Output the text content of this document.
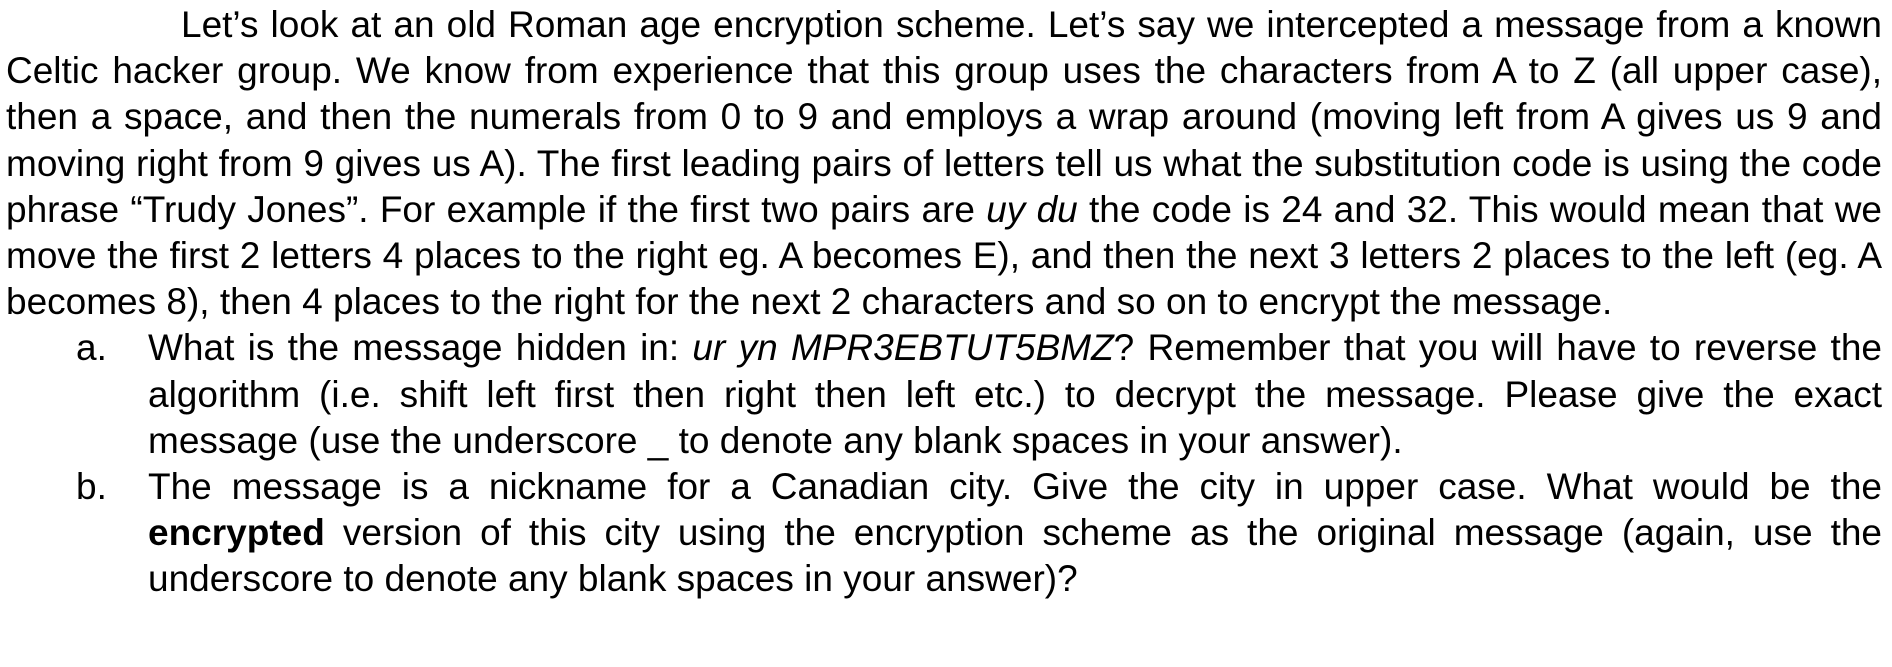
Let’s look at an old Roman age encryption scheme. Let’s say we intercepted a message from a known Celtic hacker group. We know from experience that this group uses the characters from A to Z (all upper case), then a space, and then the numerals from 0 to 9 and employs a wrap around (moving left from A gives us 9 and moving right from 9 gives us A). The first leading pairs of letters tell us what the substitution code is using the code phrase “Trudy Jones”. For example if the first two pairs are uy du the code is 24 and 32. This would mean that we move the first 2 letters 4 places to the right eg. A becomes E), and then the next 3 letters 2 places to the left (eg. A becomes 8), then 4 places to the right for the next 2 characters and so on to encrypt the message.

a. What is the message hidden in: ur yn MPR3EBTUT5BMZ? Remember that you will have to reverse the algorithm (i.e. shift left first then right then left etc.) to decrypt the message. Please give the exact message (use the underscore _ to denote any blank spaces in your answer).
b. The message is a nickname for a Canadian city. Give the city in upper case. What would be the encrypted version of this city using the encryption scheme as the original message (again, use the underscore to denote any blank spaces in your answer)?
